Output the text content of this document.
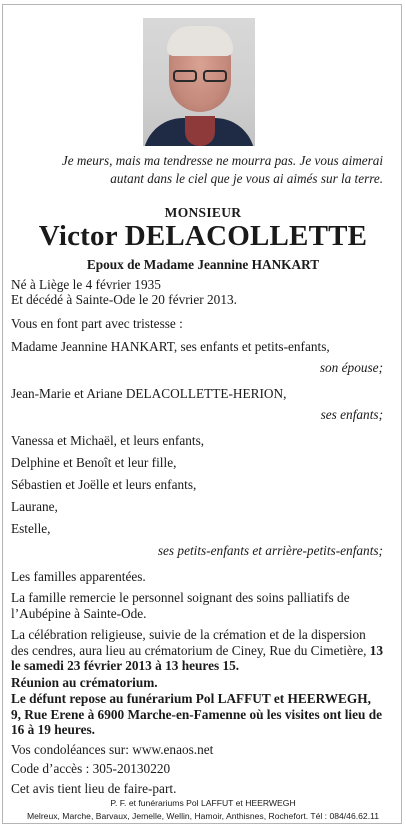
Je meurs, mais ma tendresse ne mourra pas. Je vous aimerai autant dans le ciel que je vous ai aimés sur la terre.
MONSIEUR
Victor DELACOLLETTE
Epoux de Madame Jeannine HANKART
Né à Liège le 4 février 1935
Et décédé à Sainte-Ode le 20 février 2013.
Vous en font part avec tristesse :
Madame Jeannine HANKART, ses enfants et petits-enfants,
son épouse;
Jean-Marie et Ariane DELACOLLETTE-HERION,
ses enfants;
Vanessa et Michaël, et leurs enfants,
Delphine et Benoît et leur fille,
Sébastien et Joëlle et leurs enfants,
Laurane,
Estelle,
ses petits-enfants et arrière-petits-enfants;
Les familles apparentées.
La famille remercie le personnel soignant des soins palliatifs de l’Aubépine à Sainte-Ode.
La célébration religieuse, suivie de la crémation et de la dispersion des cendres, aura lieu au crématorium de Ciney, Rue du Cimetière, 13 le samedi 23 février 2013 à 13 heures 15.
Réunion au crématorium.
Le défunt repose au funérarium Pol LAFFUT et HEERWEGH, 9, Rue Erene à 6900 Marche-en-Famenne où les visites ont lieu de 16 à 19 heures.
Vos condoléances sur: www.enaos.net
Code d’accès : 305-20130220
Cet avis tient lieu de faire-part.
P. F. et funérariums Pol LAFFUT et HEERWEGH
Melreux, Marche, Barvaux, Jemelle, Wellin, Hamoir, Anthisnes, Rochefort. Tél : 084/46.62.11
